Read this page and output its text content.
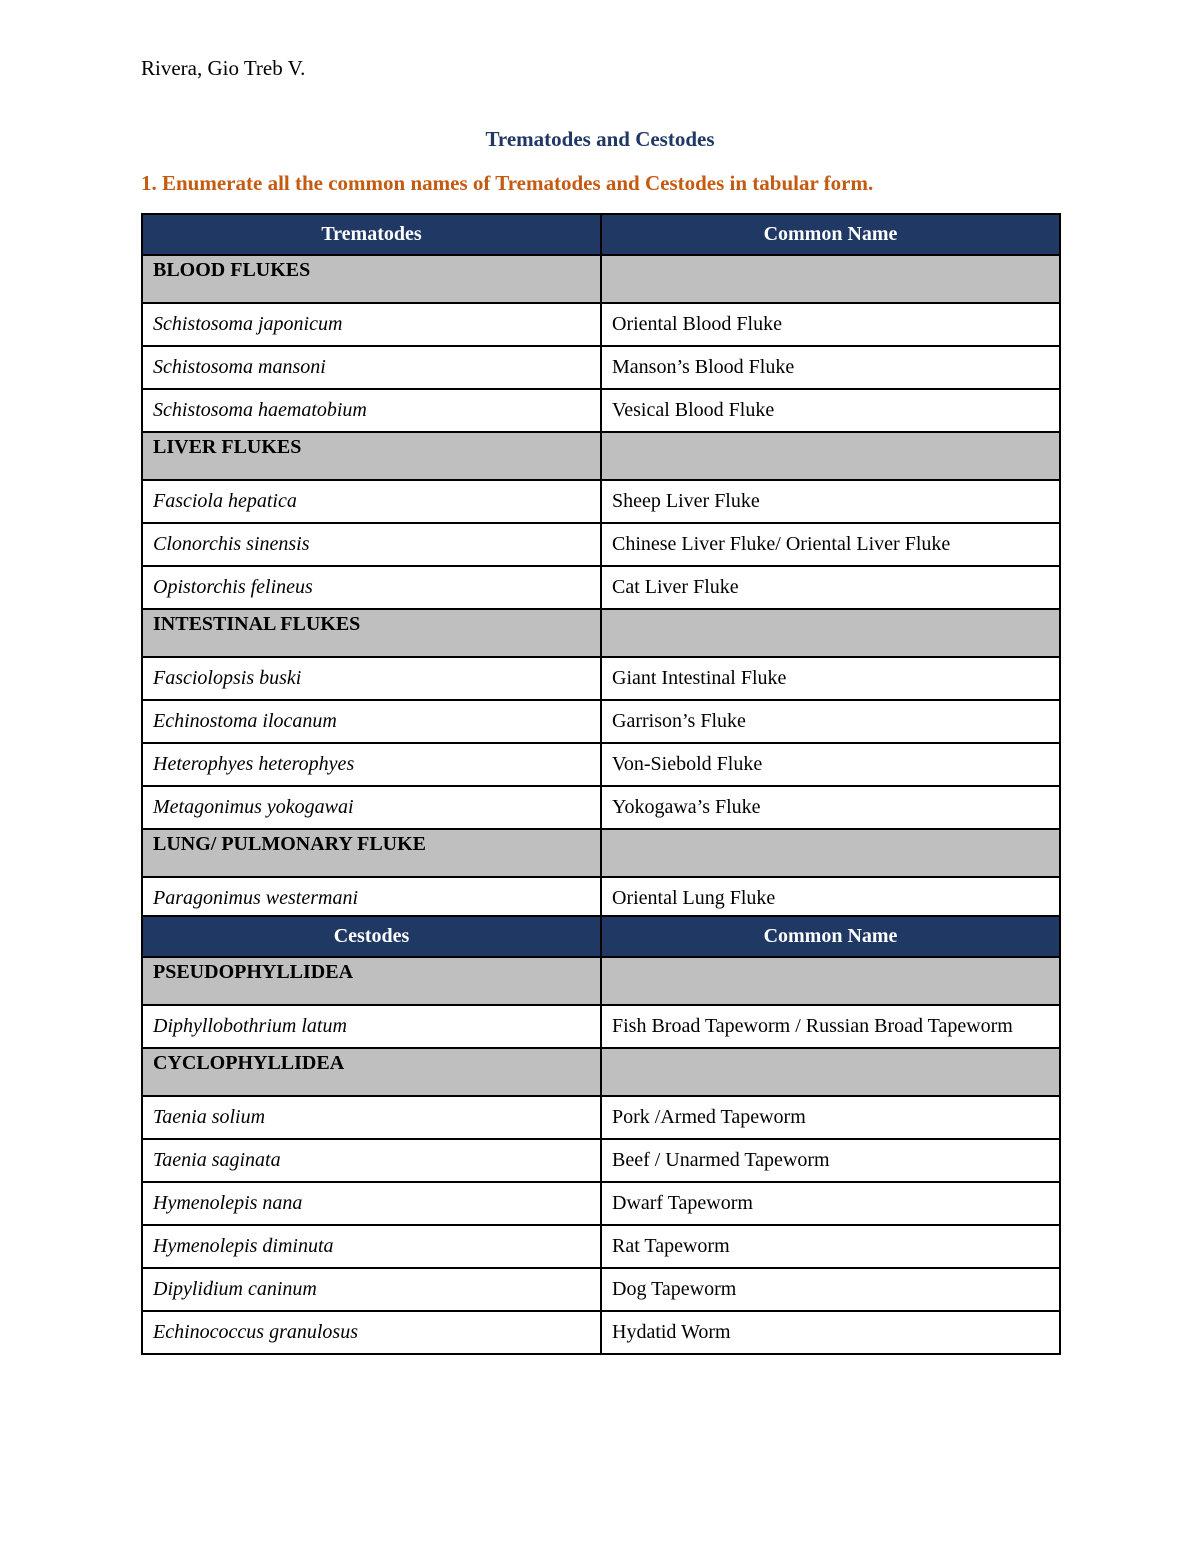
Rivera, Gio Treb V.
Trematodes and Cestodes
1. Enumerate all the common names of Trematodes and Cestodes in tabular form.
Trematodes	Common Name
BLOOD FLUKES	
Schistosoma japonicum	Oriental Blood Fluke
Schistosoma mansoni	Manson’s Blood Fluke
Schistosoma haematobium	Vesical Blood Fluke
LIVER FLUKES	
Fasciola hepatica	Sheep Liver Fluke
Clonorchis sinensis	Chinese Liver Fluke/ Oriental Liver Fluke
Opistorchis felineus	Cat Liver Fluke
INTESTINAL FLUKES	
Fasciolopsis buski	Giant Intestinal Fluke
Echinostoma ilocanum	Garrison’s Fluke
Heterophyes heterophyes	Von-Siebold Fluke
Metagonimus yokogawai	Yokogawa’s Fluke
LUNG/ PULMONARY FLUKE	
Paragonimus westermani	Oriental Lung Fluke
Cestodes	Common Name
PSEUDOPHYLLIDEA	
Diphyllobothrium latum	Fish Broad Tapeworm / Russian Broad Tapeworm
CYCLOPHYLLIDEA	
Taenia solium	Pork /Armed Tapeworm
Taenia saginata	Beef / Unarmed Tapeworm
Hymenolepis nana	Dwarf Tapeworm
Hymenolepis diminuta	Rat Tapeworm
Dipylidium caninum	Dog Tapeworm
Echinococcus granulosus	Hydatid Worm
